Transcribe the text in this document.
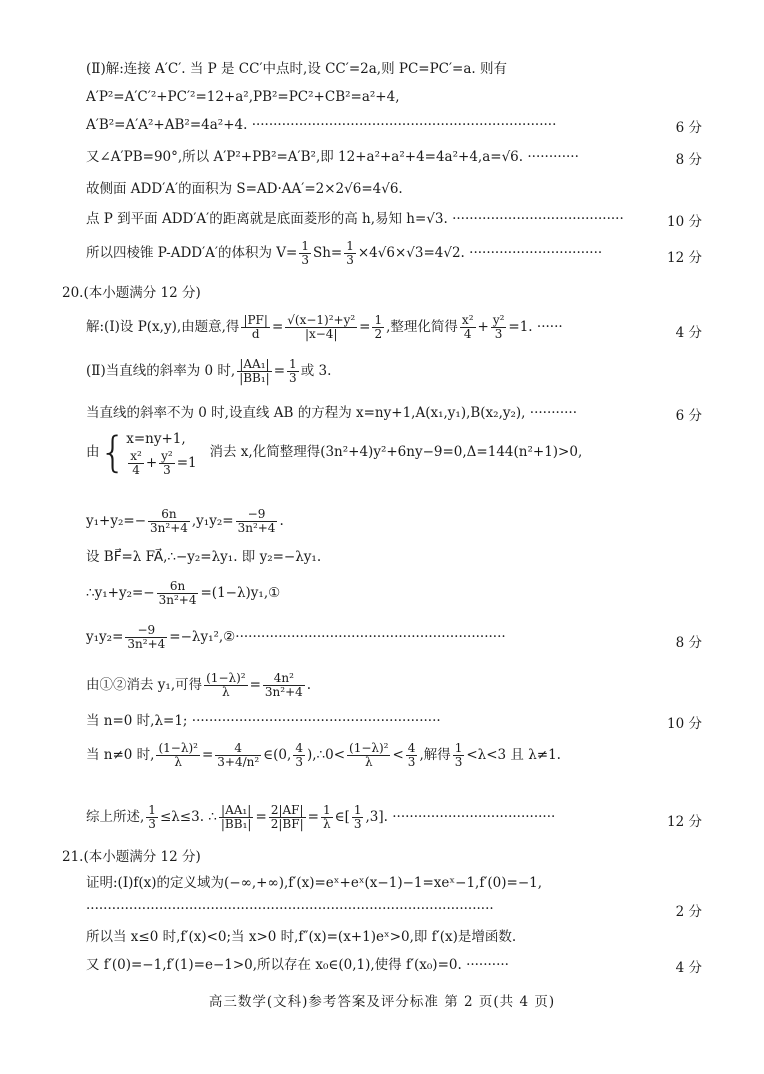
(Ⅱ)解:连接 A′C′. 当 P 是 CC′中点时,设 CC′=2a,则 PC=PC′=a. 则有
A′P²=A′C′²+PC′²=12+a²,PB²=PC²+CB²=a²+4,
A′B²=A′A²+AB²=4a²+4. ·······································································	6 分
又∠A′PB=90°,所以 A′P²+PB²=A′B²,即 12+a²+a²+4=4a²+4,a=√6. ············	8 分
故侧面 ADD′A′的面积为 S=AD·AA′=2×2√6=4√6.
点 P 到平面 ADD′A′的距离就是底面菱形的高 h,易知 h=√3. ········································	10 分
所以四棱锥 P-ADD′A′的体积为 $V= \frac{1}{3} Sh= \frac{1}{3} \times 4√6\times√3=4√2$. ·······························	12 分
20.(本小题满分 12 分)
解:(Ⅰ)设 P(x,y),由题意,得 $\frac{|PF|}{d} = \frac{\text{√(x−1)²+y²}}{|x-4|} = \frac{1}{2}$ ,整理化简得 $\frac{\text{x²}}{4} + \frac{\text{y²}}{3} =1$. ······	4 分
(Ⅱ)当直线的斜率为 0 时, $\frac{\text{|AA₁|}}{\text{|BB₁|}} = \frac{1}{3}$ 或 3.
当直线的斜率不为 0 时,设直线 AB 的方程为 x=ny+1,A(x₁,y₁),B(x₂,y₂), ···········	6 分
由{ x=ny+1,
$\frac{\text{x²}}{4} + \frac{\text{y²}}{3} =1$
消去 x,化简整理得(3n²+4)y²+6ny−9=0,Δ=144(n²+1)>0,
$y_1+y_2=- \frac{6n}{\text{3n²+4}} ,y_1y_2= \frac{-9}{\text{3n²+4}}$ .
设 BF⃗=λ FA⃗,∴−y₂=λy₁. 即 y₂=−λy₁.
∴y₁+y₂=− $\frac{6n}{\text{3n²+4}}$ =(1−λ)y₁,①
$y_1y_2= \frac{-9}{\text{3n²+4}}$ =−λy₁²,②·······························································	8 分
由①②消去 y₁,可得 $\frac{\text{(1−λ)²}}{\lambda} = \frac{\text{4n²}}{\text{3n²+4}}$ .
当 n=0 时,λ=1; ··························································	10 分
当 n≠0 时, $\frac{\text{(1−λ)²}}{\lambda} = \frac{4}{\text{3+4/n²}}$ ∈(0, $\frac{4}{3}$ ),∴0< $\frac{\text{(1−λ)²}}{\lambda} < \frac{4}{3}$ ,解得 $\frac{1}{3} <\lambda<3$ 且 λ≠1.
综上所述, $\frac{1}{3} \le\lambda\le 3$. ∴ $\frac{\text{|AA₁|}}{\text{|BB₁|}} = \frac{2|AF|}{2|BF|} = \frac{1}{\lambda}$ ∈[ $\frac{1}{3} ,3$]. ······································	12 分
21.(本小题满分 12 分)
证明:(Ⅰ)f(x)的定义域为(−∞,+∞),f′(x)=eˣ+eˣ(x−1)−1=xeˣ−1,f′(0)=−1,
·······························································································	2 分
所以当 x≤0 时,f′(x)<0;当 x>0 时,f″(x)=(x+1)eˣ>0,即 f′(x)是增函数.
又 f′(0)=−1,f′(1)=e−1>0,所以存在 x₀∈(0,1),使得 f′(x₀)=0. ··········	4 分
高三数学(文科)参考答案及评分标准 第 2 页(共 4 页)
